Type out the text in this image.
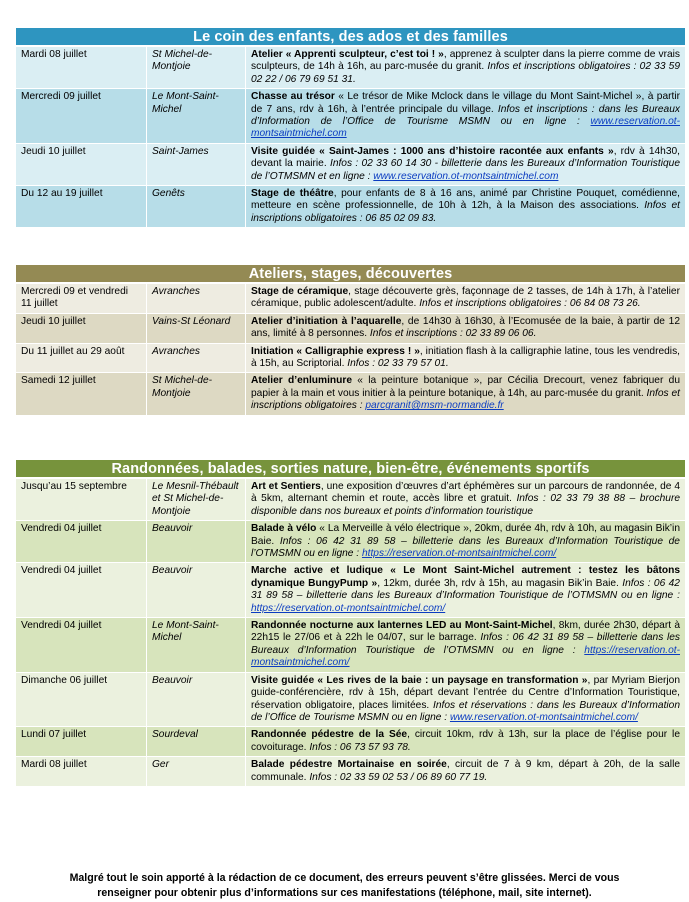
Le coin des enfants, des ados et des familles
Mardi 08 juillet	St Michel-de-Montjoie	Atelier « Apprenti sculpteur, c’est toi ! », apprenez à sculpter dans la pierre comme de vrais sculpteurs, de 14h à 16h, au parc-musée du granit. Infos et inscriptions obligatoires : 02 33 59 02 22 / 06 79 69 51 31.
Mercredi 09 juillet	Le Mont-Saint-Michel	Chasse au trésor « Le trésor de Mike Mclock dans le village du Mont Saint-Michel », à partir de 7 ans, rdv à 16h, à l’entrée principale du village. Infos et inscriptions : dans les Bureaux d’Information de l’Office de Tourisme MSMN ou en ligne : www.reservation.ot-montsaintmichel.com
Jeudi 10 juillet	Saint-James	Visite guidée « Saint-James : 1000 ans d’histoire racontée aux enfants », rdv à 14h30, devant la mairie. Infos : 02 33 60 14 30 - billetterie dans les Bureaux d’Information Touristique de l’OTMSMN et en ligne : www.reservation.ot-montsaintmichel.com
Du 12 au 19 juillet	Genêts	Stage de théâtre, pour enfants de 8 à 16 ans, animé par Christine Pouquet, comédienne, metteure en scène professionnelle, de 10h à 12h, à la Maison des associations. Infos et inscriptions obligatoires : 06 85 02 09 83.
Ateliers, stages, découvertes
Mercredi 09 et vendredi 11 juillet	Avranches	Stage de céramique, stage découverte grès, façonnage de 2 tasses, de 14h à 17h, à l’atelier céramique, public adolescent/adulte. Infos et inscriptions obligatoires : 06 84 08 73 26.
Jeudi 10 juillet	Vains-St Léonard	Atelier d’initiation à l’aquarelle, de 14h30 à 16h30, à l’Ecomusée de la baie, à partir de 12 ans, limité à 8 personnes. Infos et inscriptions : 02 33 89 06 06.
Du 11 juillet au 29 août	Avranches	Initiation « Calligraphie express ! », initiation flash à la calligraphie latine, tous les vendredis, à 15h, au Scriptorial. Infos : 02 33 79 57 01.
Samedi 12 juillet	St Michel-de-Montjoie	Atelier d’enluminure « la peinture botanique », par Cécilia Drecourt, venez fabriquer du papier à la main et vous initier à la peinture botanique, à 14h, au parc-musée du granit. Infos et inscriptions obligatoires : parcgranit@msm-normandie.fr
Randonnées, balades, sorties nature, bien-être, événements sportifs
Jusqu’au 15 septembre	Le Mesnil-Thébault et St Michel-de-Montjoie	Art et Sentiers, une exposition d’œuvres d’art éphémères sur un parcours de randonnée, de 4 à 5km, alternant chemin et route, accès libre et gratuit. Infos : 02 33 79 38 88 – brochure disponible dans nos bureaux et points d’information touristique
Vendredi 04 juillet	Beauvoir	Balade à vélo « La Merveille à vélo électrique », 20km, durée 4h, rdv à 10h, au magasin Bik’in Baie. Infos : 06 42 31 89 58 – billetterie dans les Bureaux d’Information Touristique de l’OTMSMN ou en ligne : https://reservation.ot-montsaintmichel.com/
Vendredi 04 juillet	Beauvoir	Marche active et ludique « Le Mont Saint-Michel autrement : testez les bâtons dynamique BungyPump », 12km, durée 3h, rdv à 15h, au magasin Bik’in Baie. Infos : 06 42 31 89 58 – billetterie dans les Bureaux d’Information Touristique de l’OTMSMN ou en ligne : https://reservation.ot-montsaintmichel.com/
Vendredi 04 juillet	Le Mont-Saint-Michel	Randonnée nocturne aux lanternes LED au Mont-Saint-Michel, 8km, durée 2h30, départ à 22h15 le 27/06 et à 22h le 04/07, sur le barrage. Infos : 06 42 31 89 58 – billetterie dans les Bureaux d’Information Touristique de l’OTMSMN ou en ligne : https://reservation.ot-montsaintmichel.com/
Dimanche 06 juillet	Beauvoir	Visite guidée « Les rives de la baie : un paysage en transformation », par Myriam Bierjon guide-conférencière, rdv à 15h, départ devant l’entrée du Centre d’Information Touristique, réservation obligatoire, places limitées. Infos et réservations : dans les Bureaux d’Information de l’Office de Tourisme MSMN ou en ligne : www.reservation.ot-montsaintmichel.com/
Lundi 07 juillet	Sourdeval	Randonnée pédestre de la Sée, circuit 10km, rdv à 13h, sur la place de l’église pour le covoiturage. Infos : 06 73 57 93 78.
Mardi 08 juillet	Ger	Balade pédestre Mortainaise en soirée, circuit de 7 à 9 km, départ à 20h, de la salle communale. Infos : 02 33 59 02 53 / 06 89 60 77 19.
Malgré tout le soin apporté à la rédaction de ce document, des erreurs peuvent s’être glissées. Merci de vous
renseigner pour obtenir plus d’informations sur ces manifestations (téléphone, mail, site internet).
